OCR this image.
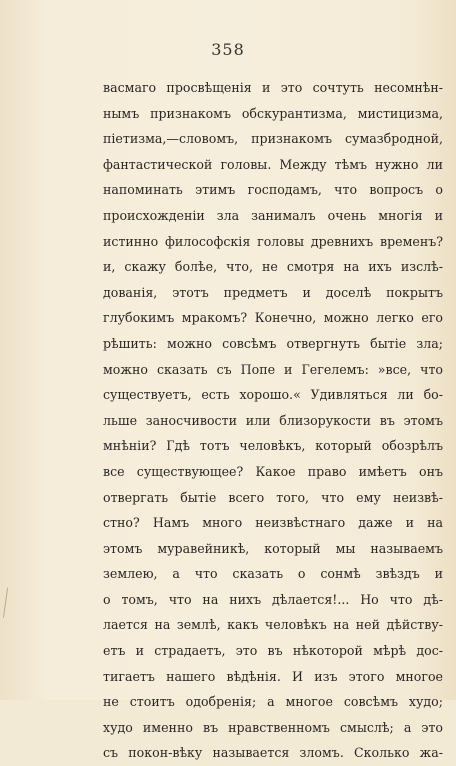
358
васмаго просвѣщенія и это сочтуть несомнѣн-
нымъ признакомъ обскурантизма, мистицизма,
піетизма,—словомъ, признакомъ сумазбродной,
фантастической головы. Между тѣмъ нужно ли
напоминать этимъ господамъ, что вопросъ о
происхожденіи зла занималъ очень многія и
истинно философскія головы древнихъ временъ?
и, скажу болѣе, что, не смотря на ихъ изслѣ-
дованія, этотъ предметъ и доселѣ покрытъ
глубокимъ мракомъ? Конечно, можно легко его
рѣшить: можно совсѣмъ отвергнуть бытіе зла;
можно сказать съ Попе и Гегелемъ: »все, что
существуетъ, есть хорошо.« Удивляться ли бо-
льше заносчивости или близорукости въ этомъ
мнѣніи? Гдѣ тотъ человѣкъ, который обозрѣлъ
все существующее? Какое право имѣетъ онъ
отвергать бытіе всего того, что ему неизвѣ-
стно? Намъ много неизвѣстнаго даже и на
этомъ муравейникѣ, который мы называемъ
землею, а что сказать о сонмѣ звѣздъ и
о томъ, что на нихъ дѣлается!... Но что дѣ-
лается на землѣ, какъ человѣкъ на ней дѣйству-
етъ и страдаетъ, это въ нѣкоторой мѣрѣ дос-
тигаетъ нашего вѣдѣнія. И изъ этого многое
не стоитъ одобренія; а многое совсѣмъ худо;
худо именно въ нравственномъ смыслѣ; а это
съ покон-вѣку называется зломъ. Сколько жа-
